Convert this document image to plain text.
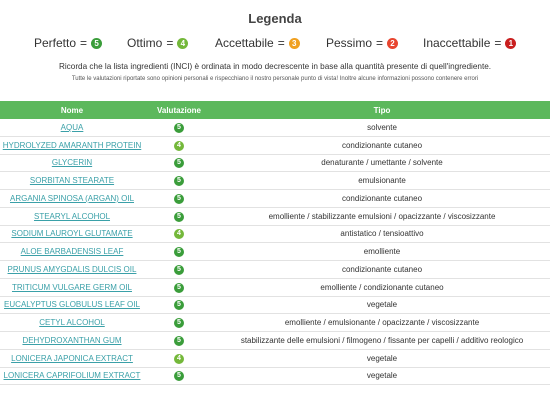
Legenda
Perfetto = 5 Ottimo = 4 Accettabile = 3 Pessimo = 2 Inaccettabile = 1
Ricorda che la lista ingredienti (INCI) è ordinata in modo decrescente in base alla quantità presente di quell'ingrediente.
Tutte le valutazioni riportate sono opinioni personali e rispecchiano il nostro personale punto di vista! Inoltre alcune informazioni possono contenere errori
Nome	Valutazione	Tipo
AQUA	5	solvente
HYDROLYZED AMARANTH PROTEIN	4	condizionante cutaneo
GLYCERIN	5	denaturante / umettante / solvente
SORBITAN STEARATE	5	emulsionante
ARGANIA SPINOSA (ARGAN) OIL	5	condizionante cutaneo
STEARYL ALCOHOL	5	emolliente / stabilizzante emulsioni / opacizzante / viscosizzante
SODIUM LAUROYL GLUTAMATE	4	antistatico / tensioattivo
ALOE BARBADENSIS LEAF	5	emolliente
PRUNUS AMYGDALIS DULCIS OIL	5	condizionante cutaneo
TRITICUM VULGARE GERM OIL	5	emolliente / condizionante cutaneo
EUCALYPTUS GLOBULUS LEAF OIL	5	vegetale
CETYL ALCOHOL	5	emolliente / emulsionante / opacizzante / viscosizzante
DEHYDROXANTHAN GUM	5	stabilizzante delle emulsioni / filmogeno / fissante per capelli / additivo reologico
LONICERA JAPONICA EXTRACT	4	vegetale
LONICERA CAPRIFOLIUM EXTRACT	5	vegetale
